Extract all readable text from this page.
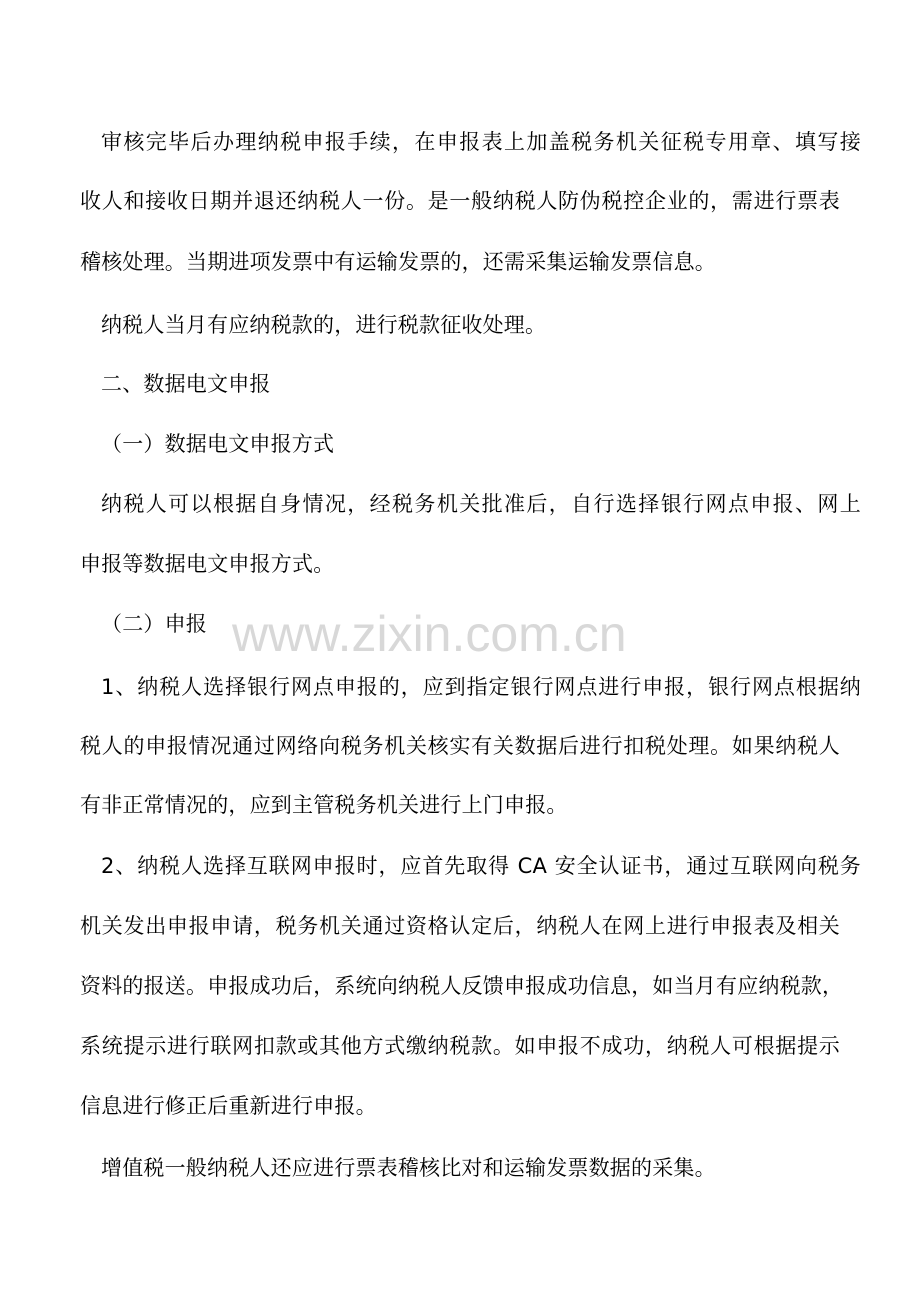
www.zixin.com.cn
审核完毕后办理纳税申报手续，在申报表上加盖税务机关征税专用章、填写接
收人和接收日期并退还纳税人一份。是一般纳税人防伪税控企业的，需进行票表
稽核处理。当期进项发票中有运输发票的，还需采集运输发票信息。
纳税人当月有应纳税款的，进行税款征收处理。
二、数据电文申报
（一）数据电文申报方式
纳税人可以根据自身情况，经税务机关批准后，自行选择银行网点申报、网上
申报等数据电文申报方式。
（二）申报
1、纳税人选择银行网点申报的，应到指定银行网点进行申报，银行网点根据纳
税人的申报情况通过网络向税务机关核实有关数据后进行扣税处理。如果纳税人
有非正常情况的，应到主管税务机关进行上门申报。
2、纳税人选择互联网申报时，应首先取得 CA 安全认证书，通过互联网向税务
机关发出申报申请，税务机关通过资格认定后，纳税人在网上进行申报表及相关
资料的报送。申报成功后，系统向纳税人反馈申报成功信息，如当月有应纳税款，
系统提示进行联网扣款或其他方式缴纳税款。如申报不成功，纳税人可根据提示
信息进行修正后重新进行申报。
增值税一般纳税人还应进行票表稽核比对和运输发票数据的采集。
